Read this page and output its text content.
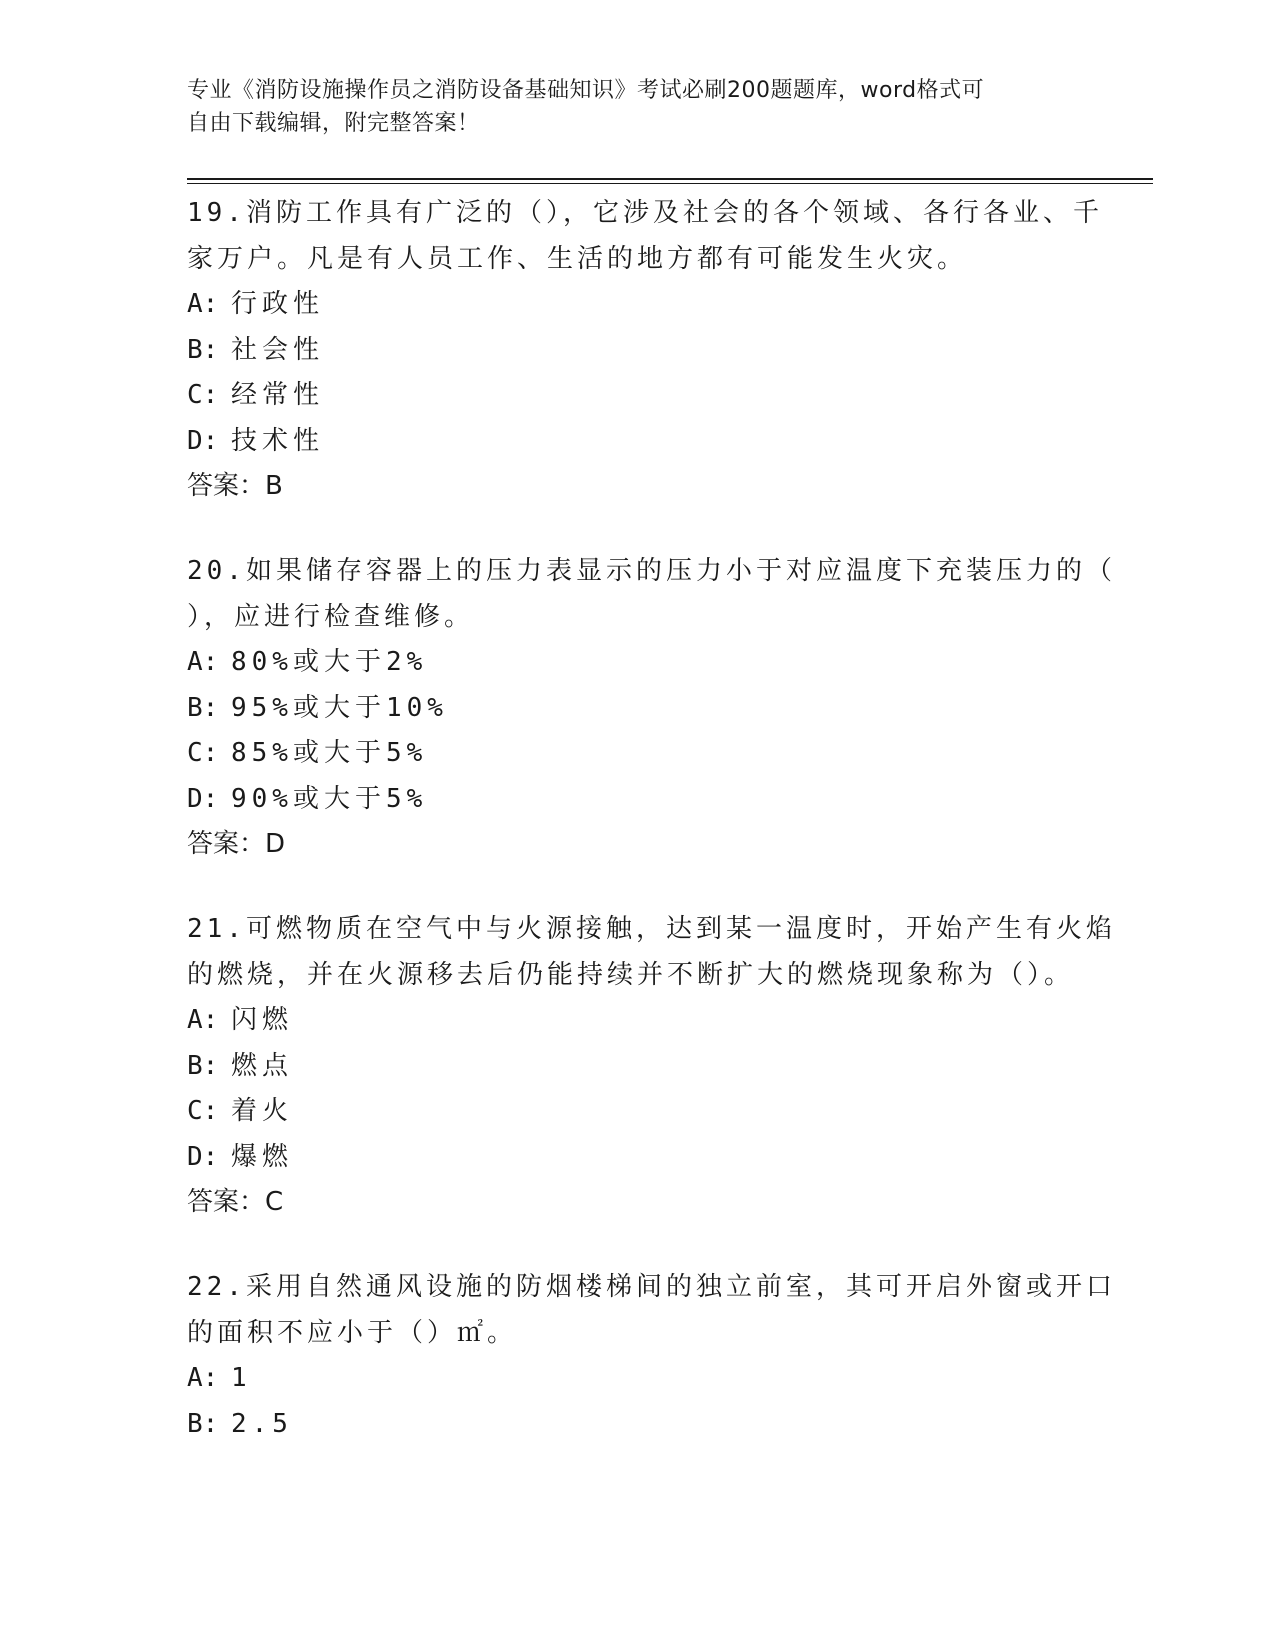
专业《消防设施操作员之消防设备基础知识》考试必刷200题题库，word格式可
自由下载编辑，附完整答案！
19.消防工作具有广泛的（），它涉及社会的各个领域、各行各业、千
家万户。凡是有人员工作、生活的地方都有可能发生火灾。
A: 行政性
B: 社会性
C: 经常性
D: 技术性
答案：B
20.如果储存容器上的压力表显示的压力小于对应温度下充装压力的（
），应进行检查维修。
A: 80%或大于2%
B: 95%或大于10%
C: 85%或大于5%
D: 90%或大于5%
答案：D
21.可燃物质在空气中与火源接触，达到某一温度时，开始产生有火焰
的燃烧，并在火源移去后仍能持续并不断扩大的燃烧现象称为（）。
A: 闪燃
B: 燃点
C: 着火
D: 爆燃
答案：C
22.采用自然通风设施的防烟楼梯间的独立前室，其可开启外窗或开口
的面积不应小于（）㎡。
A: 1
B: 2.5
